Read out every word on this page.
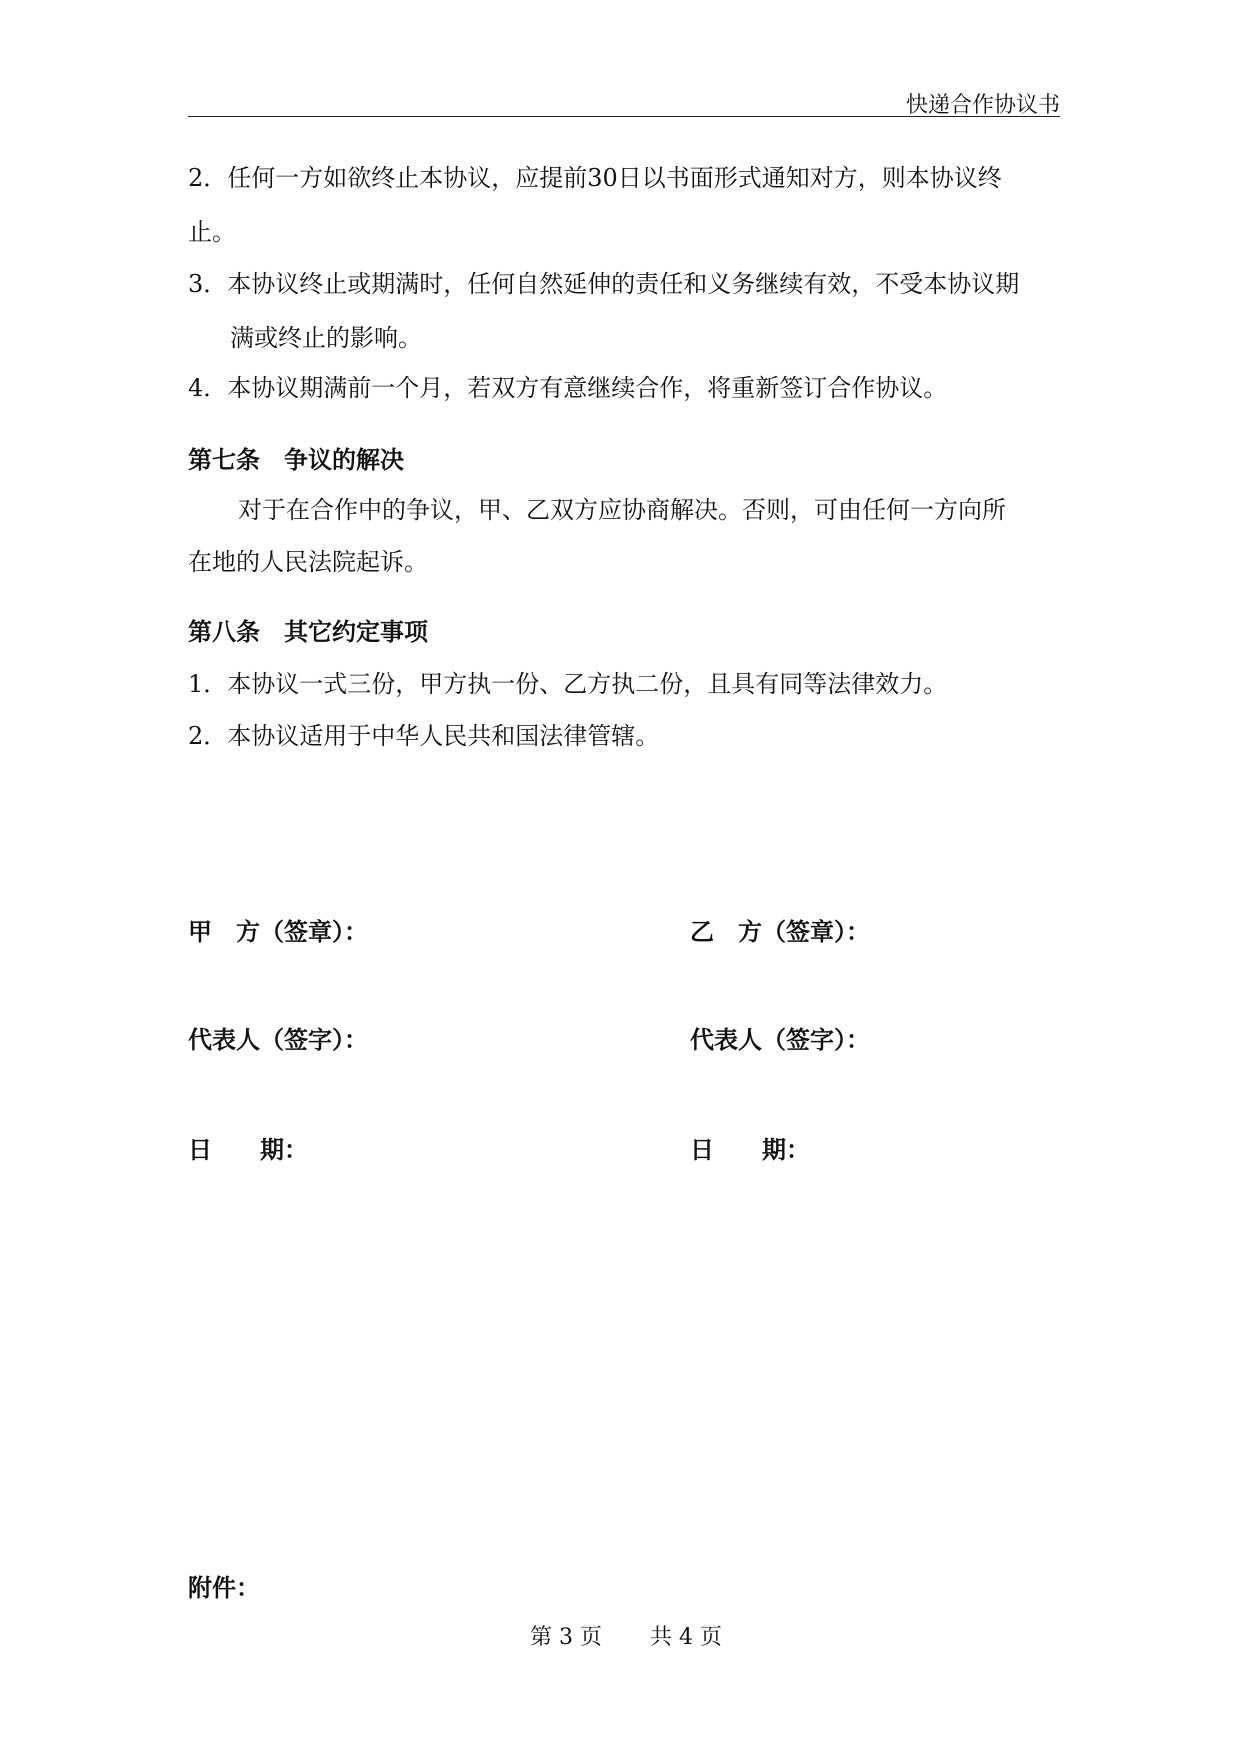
快递合作协议书
2．任何一方如欲终止本协议，应提前30日以书面形式通知对方，则本协议终
止。
3．本协议终止或期满时，任何自然延伸的责任和义务继续有效，不受本协议期
满或终止的影响。
4．本协议期满前一个月，若双方有意继续合作，将重新签订合作协议。
第七条　争议的解决
对于在合作中的争议，甲、乙双方应协商解决。否则，可由任何一方向所
在地的人民法院起诉。
第八条　其它约定事项
1．本协议一式三份，甲方执一份、乙方执二份，且具有同等法律效力。
2．本协议适用于中华人民共和国法律管辖。
甲　方（签章）：	乙　方（签章）：
代表人（签字）：	代表人（签字）：
日　　期：	日　　期：
附件：
第 3 页 共 4 页
